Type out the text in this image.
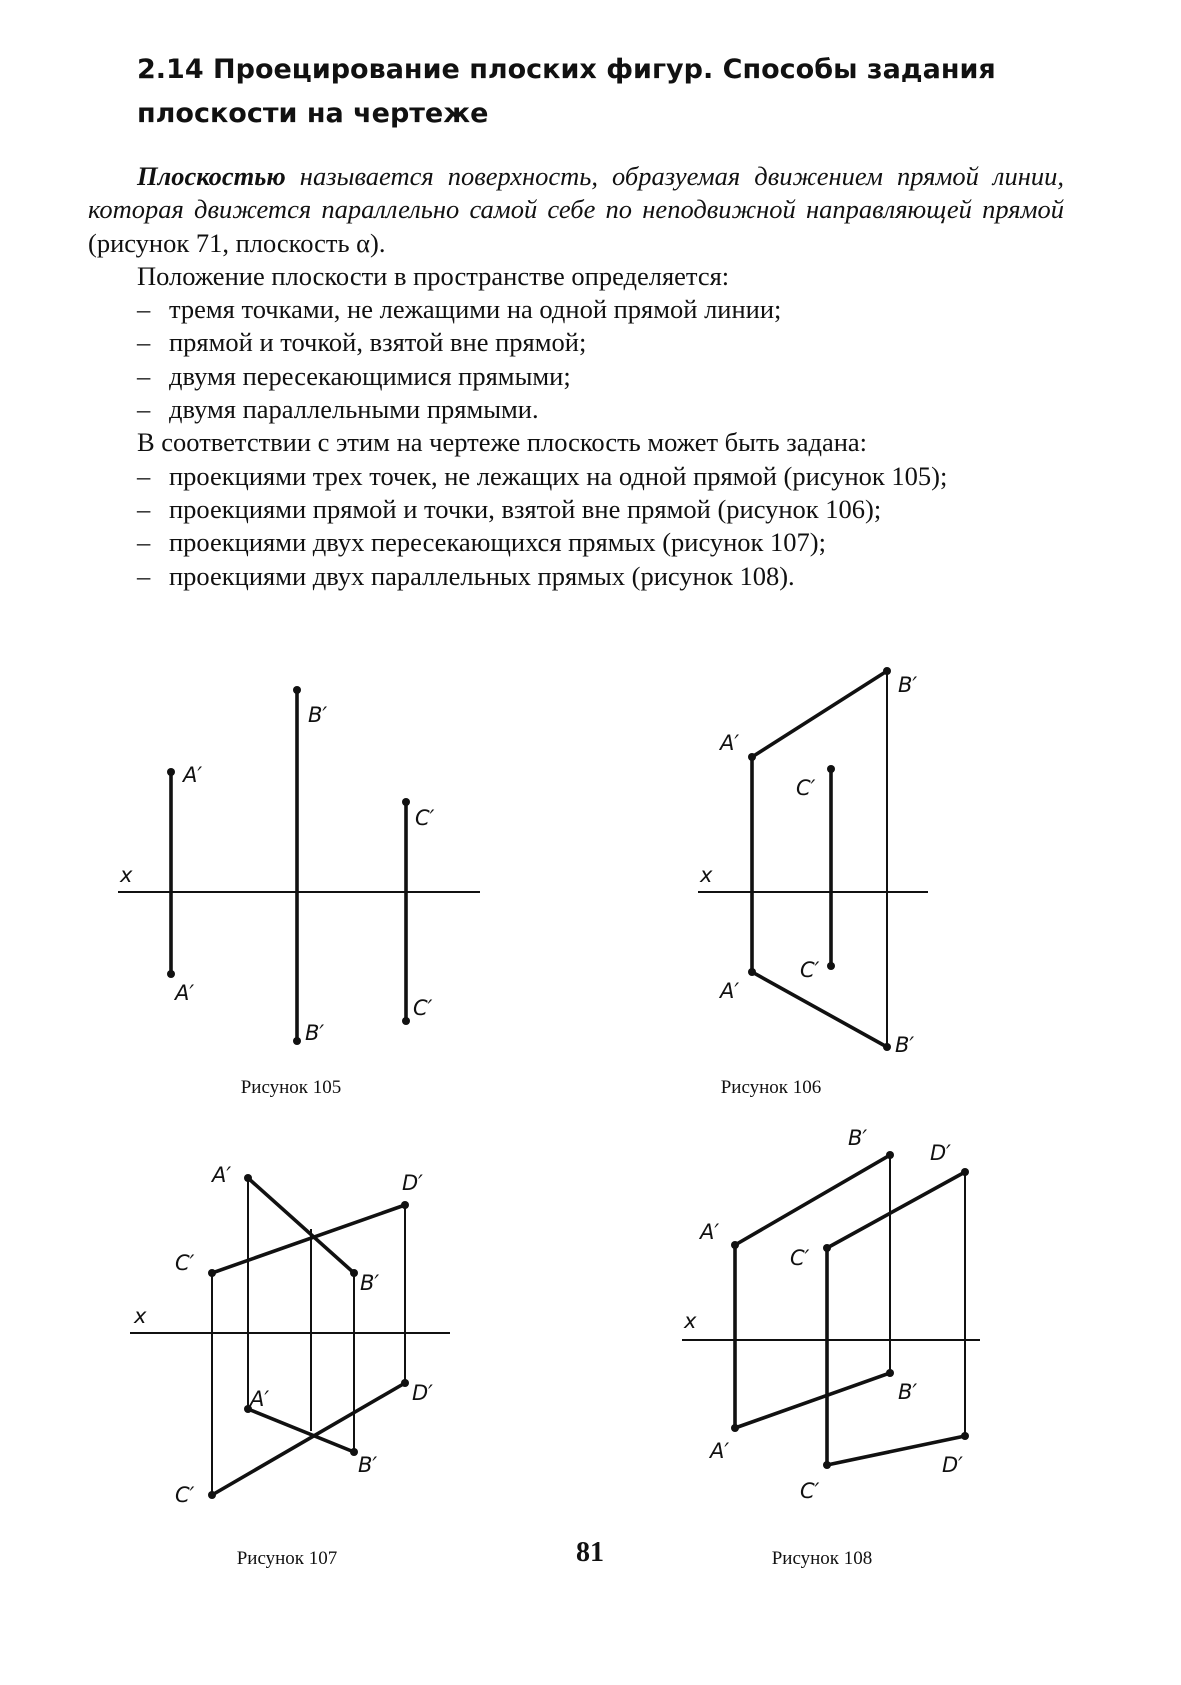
2.14 Проецирование плоских фигур. Способы задания плоскости на чертеже

Плоскостью называется поверхность, образуемая движением прямой линии, которая движется параллельно самой себе по неподвижной направляющей прямой (рисунок 71, плоскость α).

Положение плоскости в пространстве определяется:

– тремя точками, не лежащими на одной прямой линии;
– прямой и точкой, взятой вне прямой;
– двумя пересекающимися прямыми;
– двумя параллельными прямыми.

В соответствии с этим на чертеже плоскость может быть задана:

– проекциями трех точек, не лежащих на одной прямой (рисунок 105);
– проекциями прямой и точки, взятой вне прямой (рисунок 106);
– проекциями двух пересекающихся прямых (рисунок 107);
– проекциями двух параллельных прямых (рисунок 108).
x
A′
A′
B′
B′
C′
C′
Рисунок 105
x
A′
A′
B′
B′
C′
C′
Рисунок 106
x
A′
B′
C′
D′
A′
B′
C′
D′
Рисунок 107
x
A′
B′
C′
D′
A′
B′
C′
D′
Рисунок 108
81
